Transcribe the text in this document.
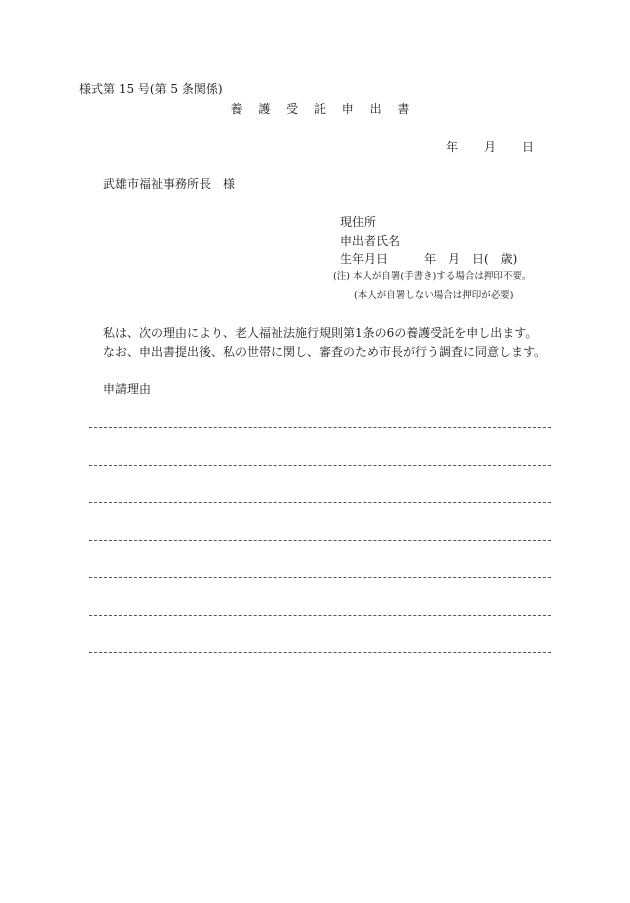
様式第 15 号(第 5 条関係)
養 護 受 託 申 出 書
年 月 日
武雄市福祉事務所長　様
現住所
申出者氏名
生年月日　　　年　月　日(　歳)
(注) 本人が自署(手書き)する場合は押印不要。
(本人が自署しない場合は押印が必要)
私は、次の理由により、老人福祉法施行規則第1条の6の養護受託を申し出ます。
なお、申出書提出後、私の世帯に関し、審査のため市長が行う調査に同意します。
申請理由
